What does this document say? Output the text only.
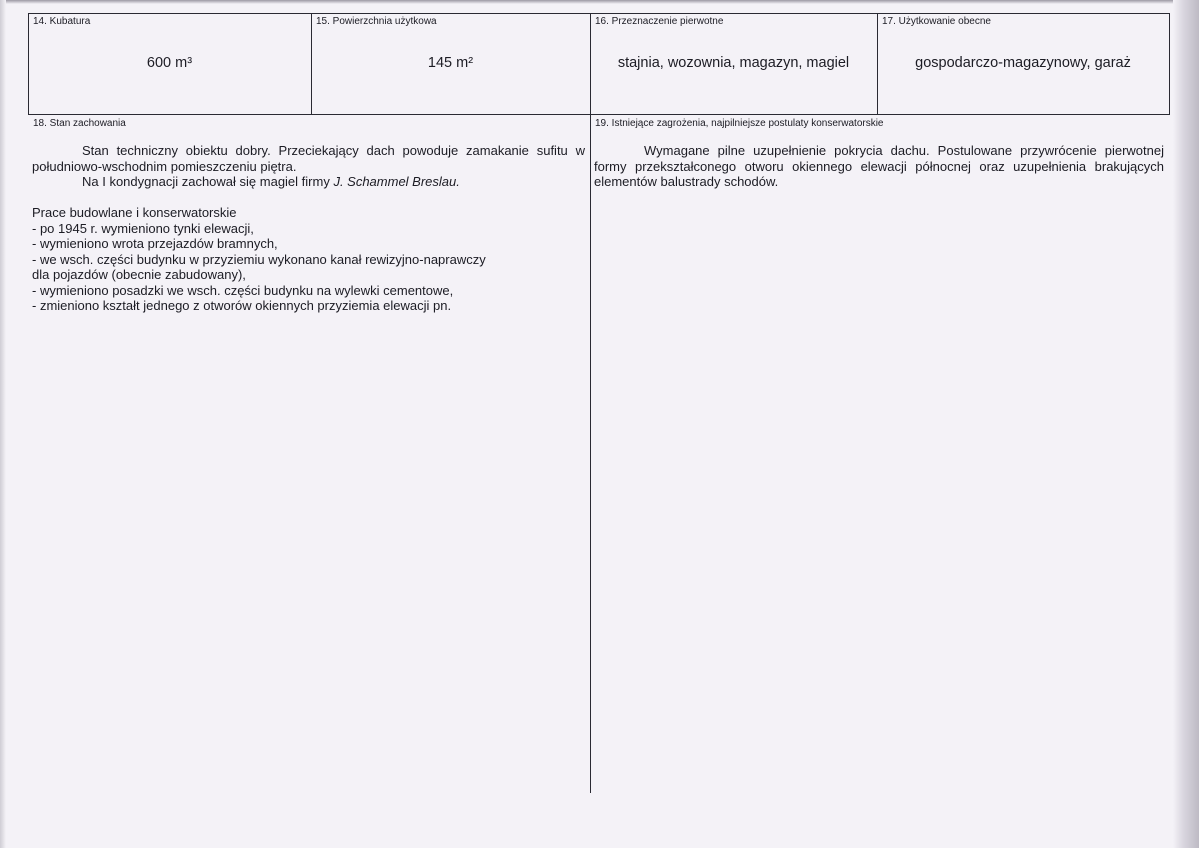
14. Kubatura
600 m³
15. Powierzchnia użytkowa
145 m²
16. Przeznaczenie pierwotne
stajnia, wozownia, magazyn, magiel
17. Użytkowanie obecne
gospodarczo-magazynowy, garaż
18. Stan zachowania
Stan techniczny obiektu dobry. Przeciekający dach powoduje zamakanie sufitu w południowo-wschodnim pomieszczeniu piętra.
Na I kondygnacji zachował się magiel firmy J. Schammel Breslau.
Prace budowlane i konserwatorskie
- po 1945 r. wymieniono tynki elewacji,
- wymieniono wrota przejazdów bramnych,
- we wsch. części budynku w przyziemiu wykonano kanał rewizyjno-naprawczy
dla pojazdów (obecnie zabudowany),
- wymieniono posadzki we wsch. części budynku na wylewki cementowe,
- zmieniono kształt jednego z otworów okiennych przyziemia elewacji pn.
19. Istniejące zagrożenia, najpilniejsze postulaty konserwatorskie
Wymagane pilne uzupełnienie pokrycia dachu. Postulowane przywrócenie pierwotnej formy przekształconego otworu okiennego elewacji północnej oraz uzupełnienia brakujących elementów balustrady schodów.
